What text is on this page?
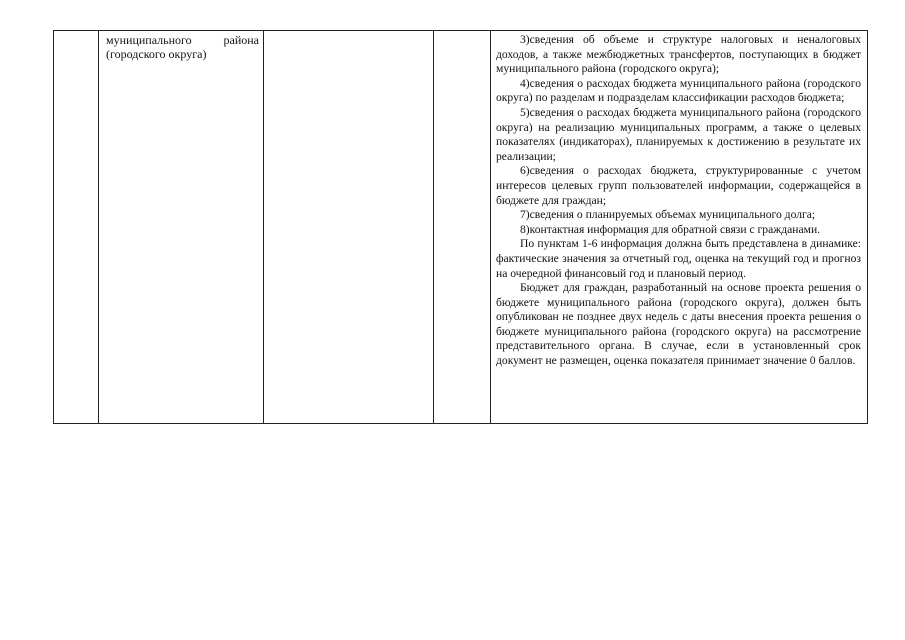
муниципального	района
(городского округа)

3)сведения об объеме и структуре налоговых и неналоговых доходов, а также межбюджетных трансфертов, поступающих в бюджет муниципального района (городского округа);

4)сведения о расходах бюджета муниципального района (городского округа) по разделам и подразделам классификации расходов бюджета;

5)сведения о расходах бюджета муниципального района (городского округа) на реализацию муниципальных программ, а также о целевых показателях (индикаторах), планируемых к достижению в результате их реализации;

6)сведения о расходах бюджета, структурированные с учетом интересов целевых групп пользователей информации, содержащейся в бюджете для граждан;

7)сведения о планируемых объемах муниципального долга;

8)контактная информация для обратной связи с гражданами.

По пунктам 1-6 информация должна быть представлена в динамике: фактические значения за отчетный год, оценка на текущий год и прогноз на очередной финансовый год и плановый период.

Бюджет для граждан, разработанный на основе проекта решения о бюджете муниципального района (городского округа), должен быть опубликован не позднее двух недель с даты внесения проекта решения о бюджете муниципального района (городского округа) на рассмотрение представительного органа. В случае, если в установленный срок документ не размещен, оценка показателя принимает значение 0 баллов.
